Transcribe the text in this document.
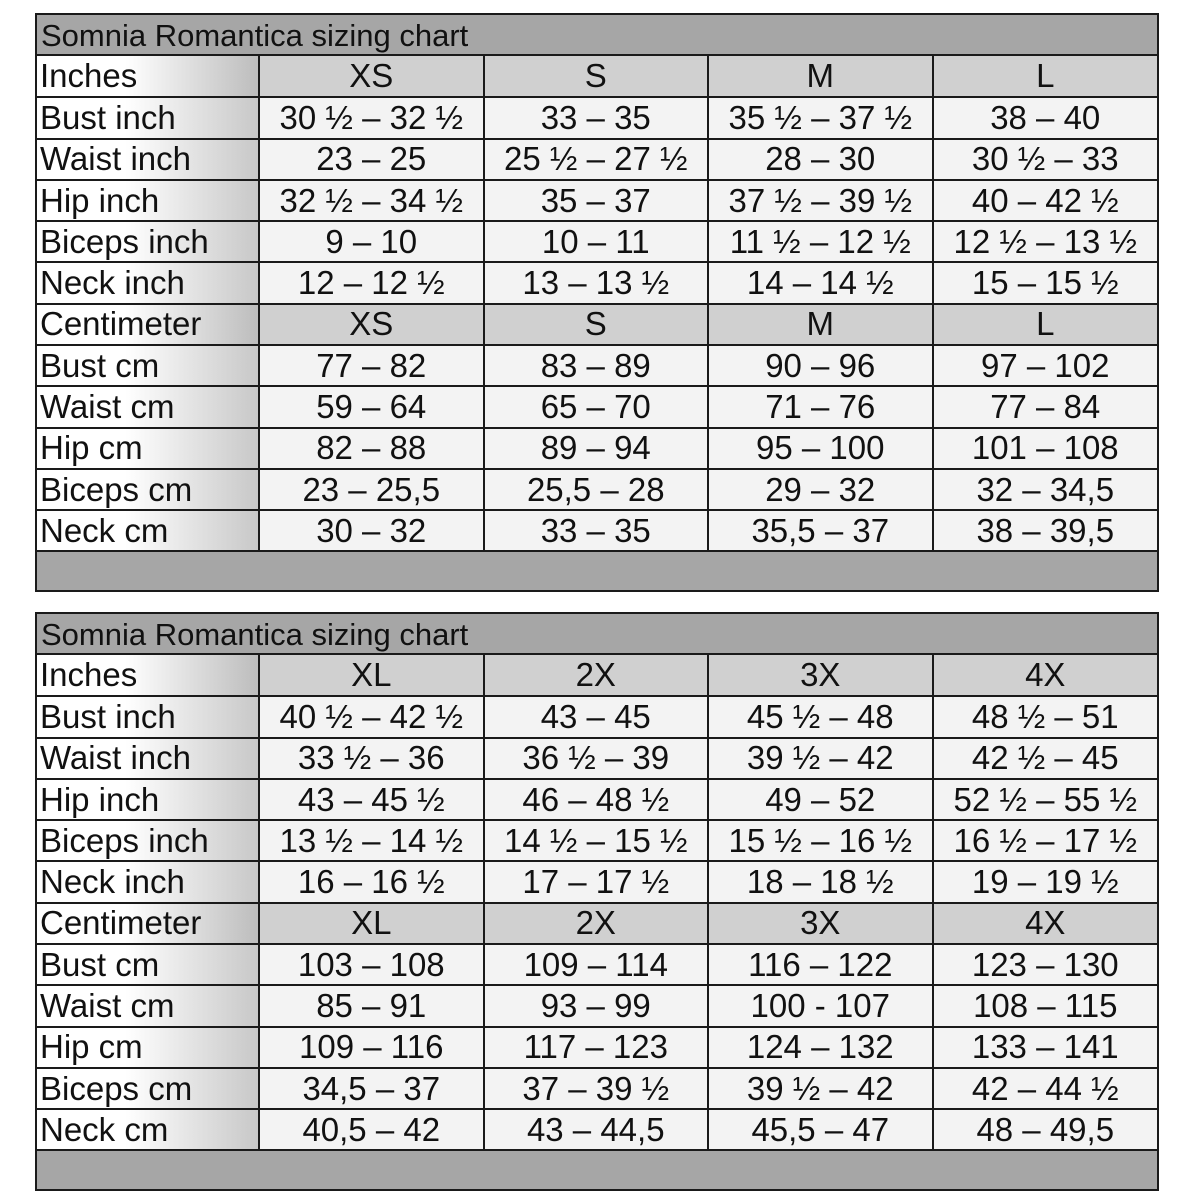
Somnia Romantica sizing chart
Inches	XS	S	M	L
Bust inch	30 ½ – 32 ½	33 – 35	35 ½ – 37 ½	38 – 40
Waist inch	23 – 25	25 ½ – 27 ½	28 – 30	30 ½ – 33
Hip inch	32 ½ – 34 ½	35 – 37	37 ½ – 39 ½	40 – 42 ½
Biceps inch	9 – 10	10 – 11	11 ½ – 12 ½	12 ½ – 13 ½
Neck inch	12 – 12 ½	13 – 13 ½	14 – 14 ½	15 – 15 ½
Centimeter	XS	S	M	L
Bust cm	77 – 82	83 – 89	90 – 96	97 – 102
Waist cm	59 – 64	65 – 70	71 – 76	77 – 84
Hip cm	82 – 88	89 – 94	95 – 100	101 – 108
Biceps cm	23 – 25,5	25,5 – 28	29 – 32	32 – 34,5
Neck cm	30 – 32	33 – 35	35,5 – 37	38 – 39,5
Somnia Romantica sizing chart
Inches	XL	2X	3X	4X
Bust inch	40 ½ – 42 ½	43 – 45	45 ½ – 48	48 ½ – 51
Waist inch	33 ½ – 36	36 ½ – 39	39 ½ – 42	42 ½ – 45
Hip inch	43 – 45 ½	46 – 48 ½	49 – 52	52 ½ – 55 ½
Biceps inch	13 ½ – 14 ½	14 ½ – 15 ½	15 ½ – 16 ½	16 ½ – 17 ½
Neck inch	16 – 16 ½	17 – 17 ½	18 – 18 ½	19 – 19 ½
Centimeter	XL	2X	3X	4X
Bust cm	103 – 108	109 – 114	116 – 122	123 – 130
Waist cm	85 – 91	93 – 99	100 - 107	108 – 115
Hip cm	109 – 116	117 – 123	124 – 132	133 – 141
Biceps cm	34,5 – 37	37 – 39 ½	39 ½ – 42	42 – 44 ½
Neck cm	40,5 – 42	43 – 44,5	45,5 – 47	48 – 49,5
